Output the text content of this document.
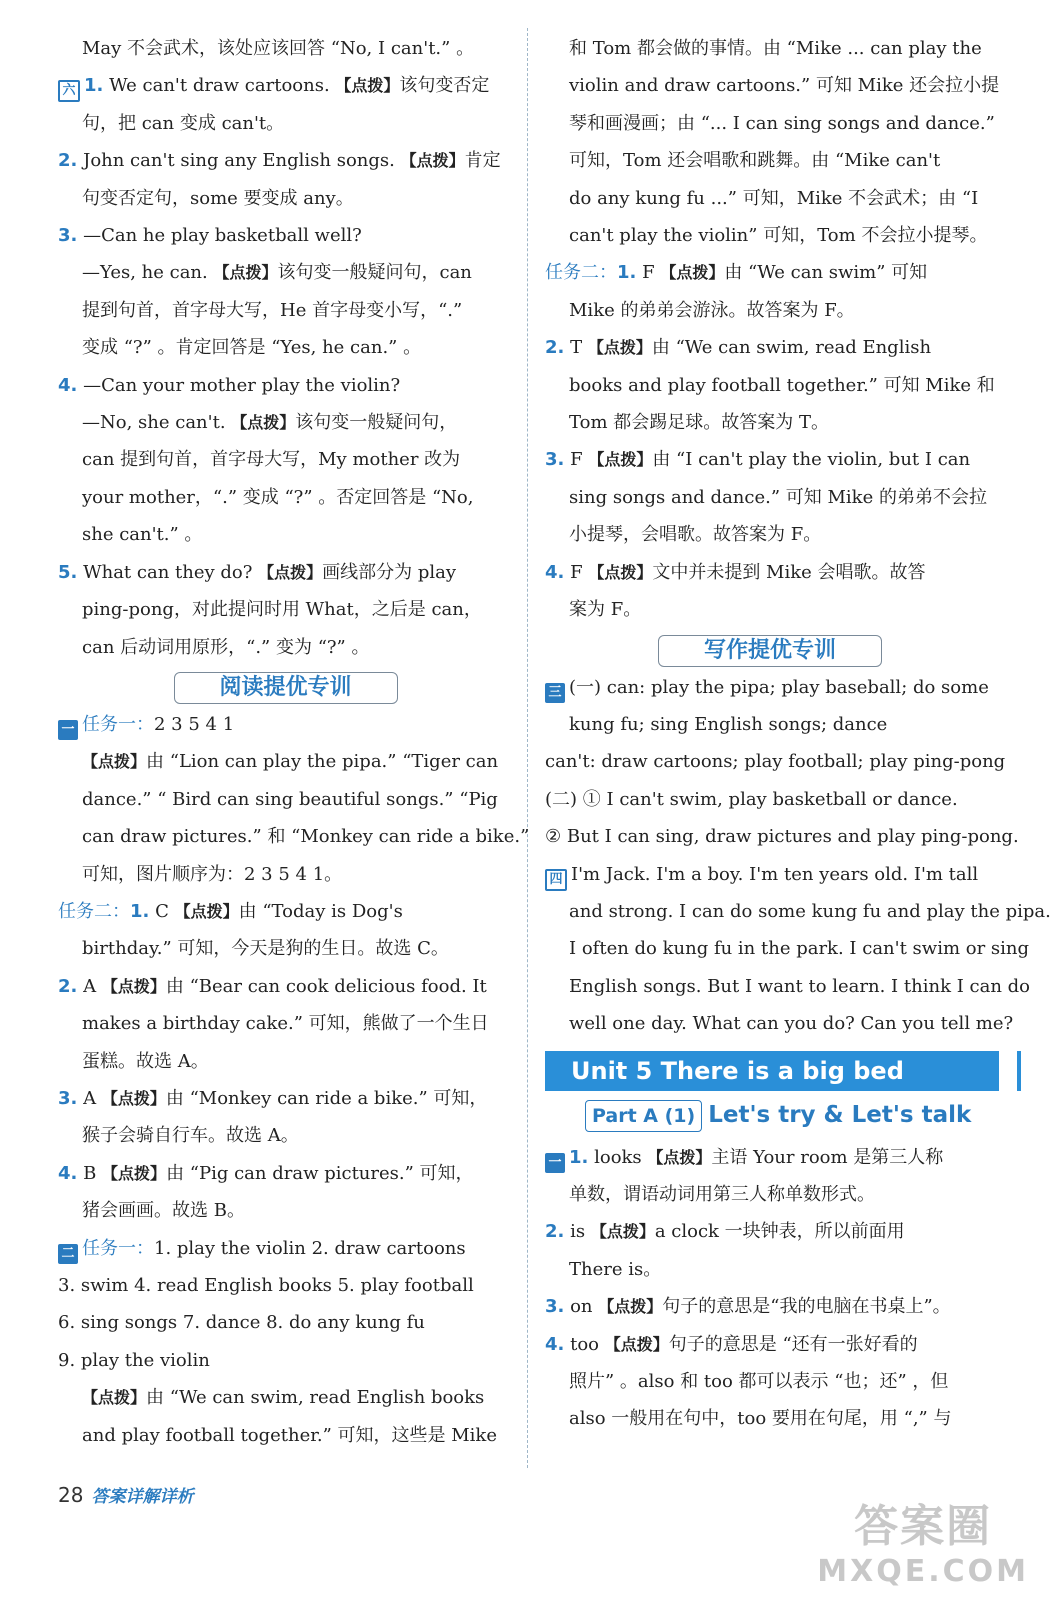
May 不会武术，该处应该回答 “No, I can't.” 。
六 1. We can't draw cartoons. 【点拨】该句变否定
句，把 can 变成 can't。
2. John can't sing any English songs. 【点拨】肯定
句变否定句，some 要变成 any。
3. —Can he play basketball well?
—Yes, he can. 【点拨】该句变一般疑问句，can
提到句首，首字母大写，He 首字母变小写，“.”
变成 “?” 。肯定回答是 “Yes, he can.” 。
4. —Can your mother play the violin?
—No, she can't. 【点拨】该句变一般疑问句，
can 提到句首，首字母大写，My mother 改为
your mother，“.” 变成 “?” 。否定回答是 “No,
she can't.” 。
5. What can they do? 【点拨】画线部分为 play
ping-pong，对此提问时用 What，之后是 can，
can 后动词用原形，“.” 变为 “?” 。
阅读提优专训
一 任务一：2 3 5 4 1
【点拨】由 “Lion can play the pipa.” “Tiger can
dance.” “ Bird can sing beautiful songs.” “Pig
can draw pictures.” 和 “Monkey can ride a bike.”
可知，图片顺序为：2 3 5 4 1。
任务二：1. C 【点拨】由 “Today is Dog's
birthday.” 可知，今天是狗的生日。故选 C。
2. A 【点拨】由 “Bear can cook delicious food. It
makes a birthday cake.” 可知，熊做了一个生日
蛋糕。故选 A。
3. A 【点拨】由 “Monkey can ride a bike.” 可知，
猴子会骑自行车。故选 A。
4. B 【点拨】由 “Pig can draw pictures.” 可知，
猪会画画。故选 B。
二 任务一：1. play the violin 2. draw cartoons
3. swim 4. read English books 5. play football
6. sing songs 7. dance 8. do any kung fu
9. play the violin
【点拨】由 “We can swim, read English books
and play football together.” 可知，这些是 Mike
和 Tom 都会做的事情。由 “Mike ... can play the
violin and draw cartoons.” 可知 Mike 还会拉小提
琴和画漫画；由 “... I can sing songs and dance.”
可知，Tom 还会唱歌和跳舞。由 “Mike can't
do any kung fu ...” 可知，Mike 不会武术；由 “I
can't play the violin” 可知，Tom 不会拉小提琴。
任务二：1. F 【点拨】由 “We can swim” 可知
Mike 的弟弟会游泳。故答案为 F。
2. T 【点拨】由 “We can swim, read English
books and play football together.” 可知 Mike 和
Tom 都会踢足球。故答案为 T。
3. F 【点拨】由 “I can't play the violin, but I can
sing songs and dance.” 可知 Mike 的弟弟不会拉
小提琴，会唱歌。故答案为 F。
4. F 【点拨】文中并未提到 Mike 会唱歌。故答
案为 F。
写作提优专训
三 (一) can: play the pipa; play baseball; do some
kung fu; sing English songs; dance
can't: draw cartoons; play football; play ping-pong
(二) ① I can't swim, play basketball or dance.
② But I can sing, draw pictures and play ping-pong.
四 I'm Jack. I'm a boy. I'm ten years old. I'm tall
and strong. I can do some kung fu and play the pipa.
I often do kung fu in the park. I can't swim or sing
English songs. But I want to learn. I think I can do
well one day. What can you do? Can you tell me?
Unit 5 There is a big bed
Part A (1) Let's try & Let's talk
一 1. looks 【点拨】主语 Your room 是第三人称
单数，谓语动词用第三人称单数形式。
2. is 【点拨】a clock 一块钟表，所以前面用
There is。
3. on 【点拨】句子的意思是“我的电脑在书桌上”。
4. too 【点拨】句子的意思是 “还有一张好看的
照片” 。also 和 too 都可以表示 “也；还” ，但
also 一般用在句中，too 要用在句尾，用 “,” 与
28 答案详解详析
答案圈
MXQE.COM
